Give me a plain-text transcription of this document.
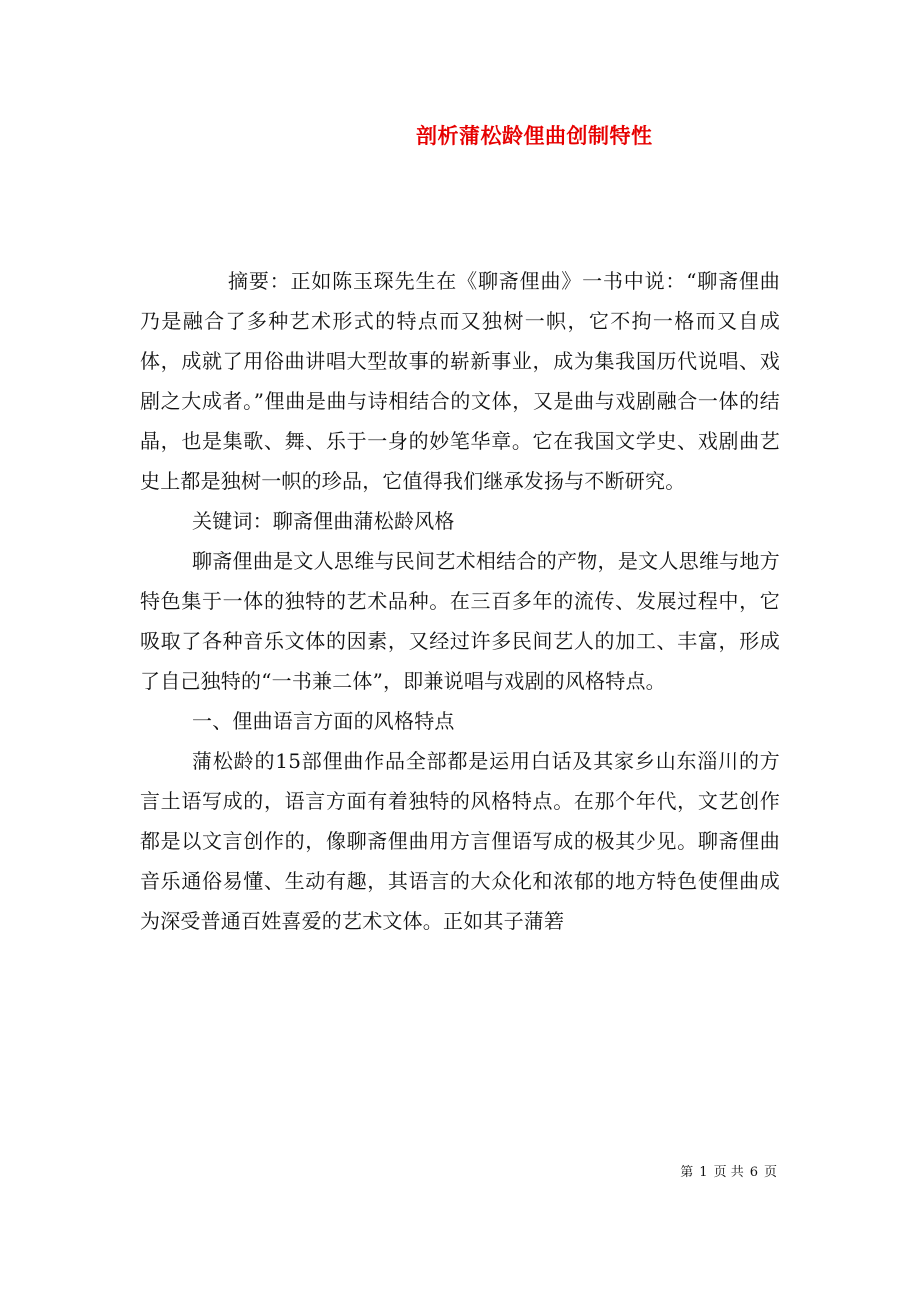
剖析蒲松龄俚曲创制特性

摘要：正如陈玉琛先生在《聊斋俚曲》一书中说：“聊斋俚曲乃是融合了多种艺术形式的特点而又独树一帜，它不拘一格而又自成体，成就了用俗曲讲唱大型故事的崭新事业，成为集我国历代说唱、戏剧之大成者。”俚曲是曲与诗相结合的文体，又是曲与戏剧融合一体的结晶，也是集歌、舞、乐于一身的妙笔华章。它在我国文学史、戏剧曲艺史上都是独树一帜的珍品，它值得我们继承发扬与不断研究。

关键词：聊斋俚曲蒲松龄风格

聊斋俚曲是文人思维与民间艺术相结合的产物，是文人思维与地方特色集于一体的独特的艺术品种。在三百多年的流传、发展过程中，它吸取了各种音乐文体的因素，又经过许多民间艺人的加工、丰富，形成了自己独特的“一书兼二体”，即兼说唱与戏剧的风格特点。

一、俚曲语言方面的风格特点

蒲松龄的15部俚曲作品全部都是运用白话及其家乡山东淄川的方言土语写成的，语言方面有着独特的风格特点。在那个年代，文艺创作都是以文言创作的，像聊斋俚曲用方言俚语写成的极其少见。聊斋俚曲音乐通俗易懂、生动有趣，其语言的大众化和浓郁的地方特色使俚曲成为深受普通百姓喜爱的艺术文体。正如其子蒲箬

第 1 页 共 6 页
